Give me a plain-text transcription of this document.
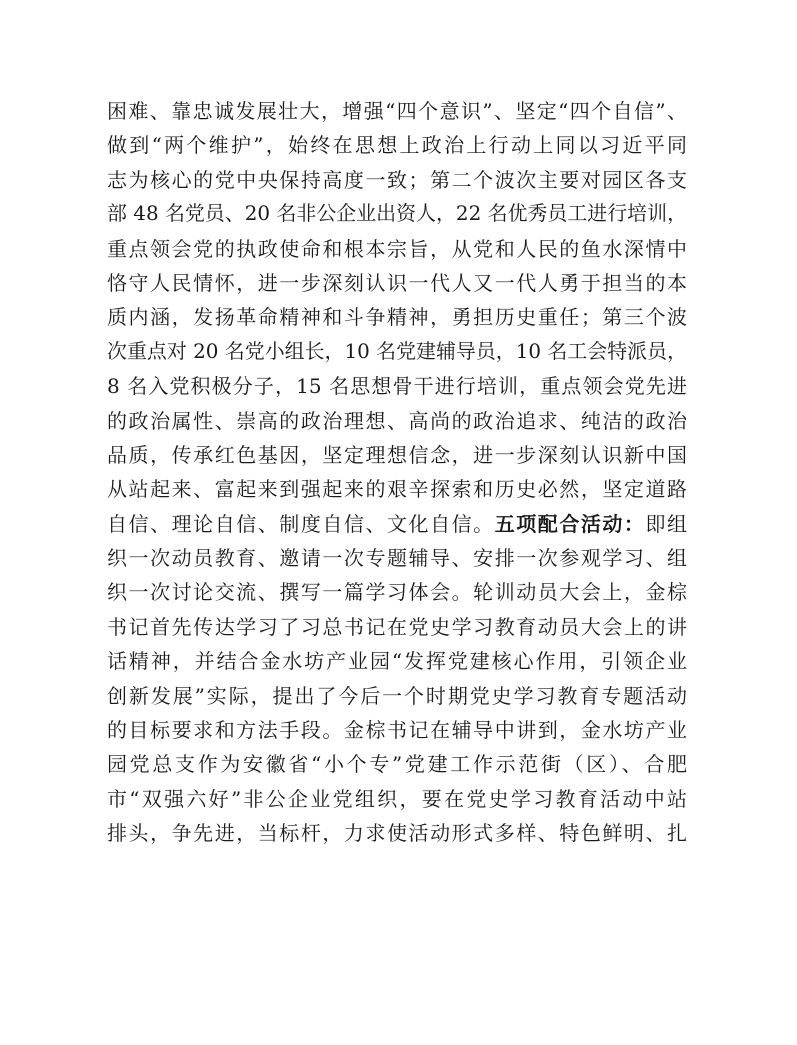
困难、靠忠诚发展壮大，增强“四个意识”、坚定“四个自信”、
做到“两个维护”，始终在思想上政治上行动上同以习近平同
志为核心的党中央保持高度一致；第二个波次主要对园区各支
部 48 名党员、20 名非公企业出资人，22 名优秀员工进行培训，
重点领会党的执政使命和根本宗旨，从党和人民的鱼水深情中
恪守人民情怀，进一步深刻认识一代人又一代人勇于担当的本
质内涵，发扬革命精神和斗争精神，勇担历史重任；第三个波
次重点对 20 名党小组长，10 名党建辅导员，10 名工会特派员，
8 名入党积极分子，15 名思想骨干进行培训，重点领会党先进
的政治属性、崇高的政治理想、高尚的政治追求、纯洁的政治
品质，传承红色基因，坚定理想信念，进一步深刻认识新中国
从站起来、富起来到强起来的艰辛探索和历史必然，坚定道路
自信、理论自信、制度自信、文化自信。五项配合活动：即组
织一次动员教育、邀请一次专题辅导、安排一次参观学习、组
织一次讨论交流、撰写一篇学习体会。轮训动员大会上，金棕
书记首先传达学习了习总书记在党史学习教育动员大会上的讲
话精神，并结合金水坊产业园“发挥党建核心作用，引领企业
创新发展”实际，提出了今后一个时期党史学习教育专题活动
的目标要求和方法手段。金棕书记在辅导中讲到，金水坊产业
园党总支作为安徽省“小个专”党建工作示范街（区）、合肥
市“双强六好”非公企业党组织，要在党史学习教育活动中站
排头，争先进，当标杆，力求使活动形式多样、特色鲜明、扎
